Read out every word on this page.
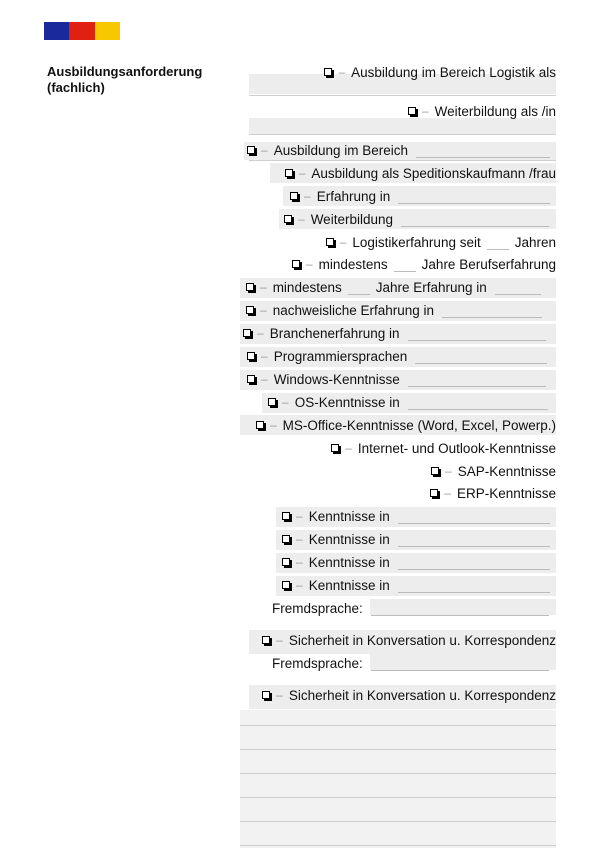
Ausbildungsanforderung (fachlich)
– Ausbildung im Bereich Logistik als
– Weiterbildung als /in
– Ausbildung im Bereich
– Ausbildung als Speditionskaufmann /frau
– Erfahrung in
– Weiterbildung
– Logistikerfahrung seit	Jahren
– mindestens	Jahre Berufserfahrung
– mindestens	Jahre Erfahrung in
– nachweisliche Erfahrung in
– Branchenerfahrung in
– Programmiersprachen
– Windows-Kenntnisse
– OS-Kenntnisse in
– MS-Office-Kenntnisse (Word, Excel, Powerp.)
– Internet- und Outlook-Kenntnisse
– SAP-Kenntnisse
– ERP-Kenntnisse
– Kenntnisse in
– Kenntnisse in
– Kenntnisse in
– Kenntnisse in
Fremdsprache:
– Sicherheit in Konversation u. Korrespondenz
Fremdsprache:
– Sicherheit in Konversation u. Korrespondenz
